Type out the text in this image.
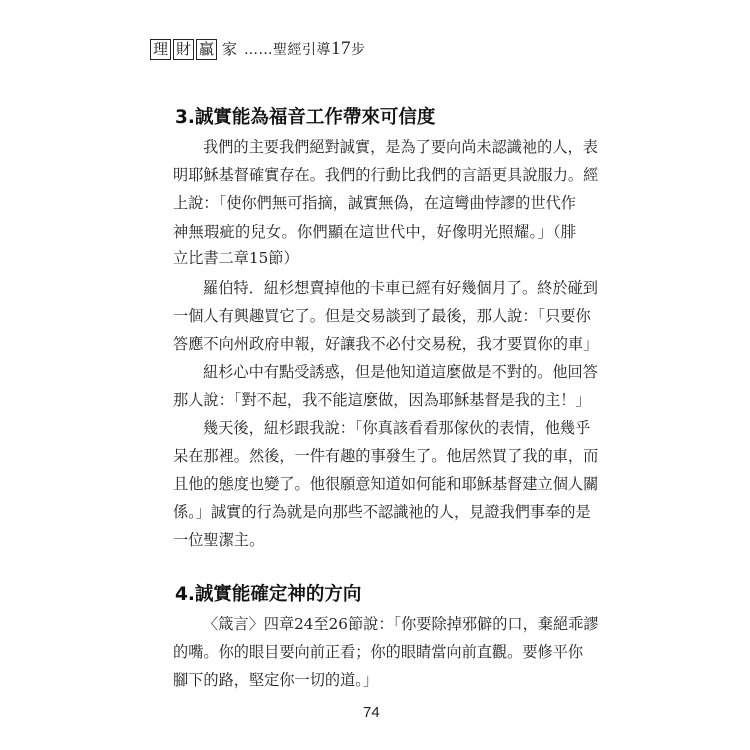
理 財 贏 家 ……聖經引導17步
3.誠實能為福音工作帶來可信度
我們的主要我們絕對誠實，是為了要向尚未認識祂的人，表
明耶穌基督確實存在。我們的行動比我們的言語更具說服力。經
上說：「使你們無可指摘，誠實無偽，在這彎曲悖謬的世代作
神無瑕疵的兒女。你們顯在這世代中，好像明光照耀。」（腓
立比書二章15節）
羅伯特．紐杉想賣掉他的卡車已經有好幾個月了。終於碰到
一個人有興趣買它了。但是交易談到了最後，那人說：「只要你
答應不向州政府申報，好讓我不必付交易稅，我才要買你的車」
紐杉心中有點受誘惑，但是他知道這麼做是不對的。他回答
那人說：「對不起，我不能這麼做，因為耶穌基督是我的主！」
幾天後，紐杉跟我說：「你真該看看那傢伙的表情，他幾乎
呆在那裡。然後，一件有趣的事發生了。他居然買了我的車，而
且他的態度也變了。他很願意知道如何能和耶穌基督建立個人關
係。」誠實的行為就是向那些不認識祂的人，見證我們事奉的是
一位聖潔主。
4.誠實能確定神的方向
〈箴言〉四章24至26節說：「你要除掉邪僻的口，棄絕乖謬
的嘴。你的眼目要向前正看；你的眼睛當向前直觀。要修平你
腳下的路，堅定你一切的道。」
74
